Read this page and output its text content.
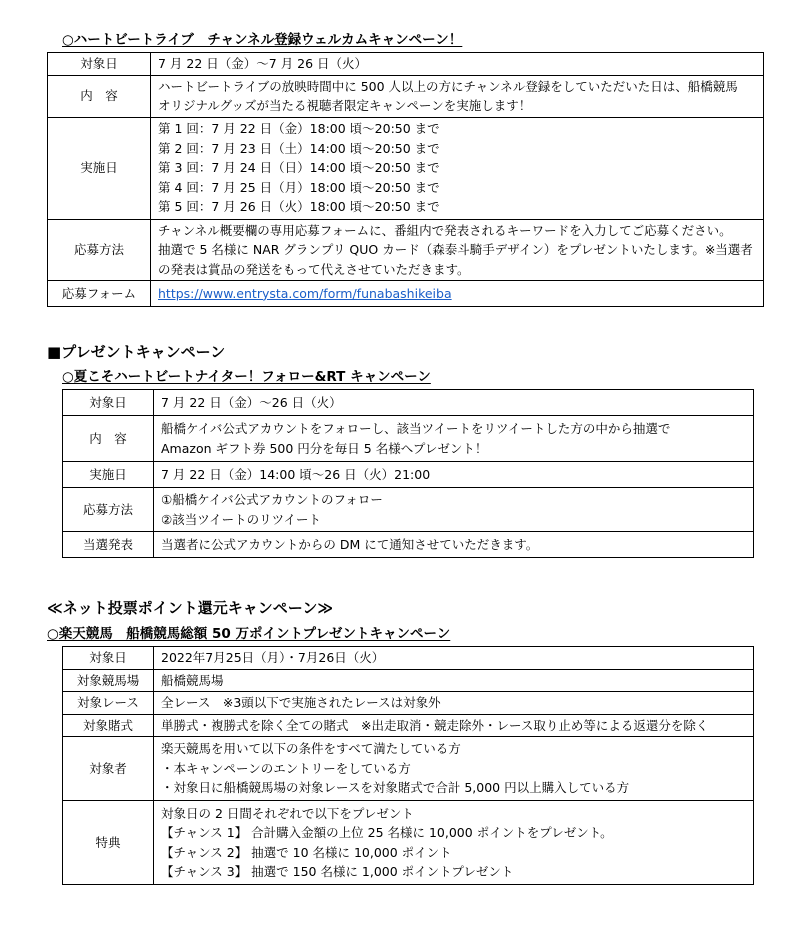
○ハートビートライブ　チャンネル登録ウェルカムキャンペーン！
対象日	7 月 22 日（金）～7 月 26 日（火）

内　容	ハートビートライブの放映時間中に 500 人以上の方にチャンネル登録をしていただいた日は、船橋競馬
オリジナルグッズが当たる視聴者限定キャンペーンを実施します！

実施日	第 1 回：7 月 22 日（金）18:00 頃～20:50 まで
第 2 回：7 月 23 日（土）14:00 頃～20:50 まで
第 3 回：7 月 24 日（日）14:00 頃～20:50 まで
第 4 回：7 月 25 日（月）18:00 頃～20:50 まで
第 5 回：7 月 26 日（火）18:00 頃～20:50 まで

応募方法	チャンネル概要欄の専用応募フォームに、番組内で発表されるキーワードを入力してご応募ください。
抽選で 5 名様に NAR グランプリ QUO カード（森泰斗騎手デザイン）をプレゼントいたします。※当選者
の発表は賞品の発送をもって代えさせていただきます。

応募フォーム	https://www.entrysta.com/form/funabashikeiba
■プレゼントキャンペーン
○夏こそハートビートナイター！フォロー&RT キャンペーン
対象日	7 月 22 日（金）～26 日（火）

内　容	船橋ケイバ公式アカウントをフォローし、該当ツイートをリツイートした方の中から抽選で
Amazon ギフト券 500 円分を毎日 5 名様へプレゼント！

実施日	7 月 22 日（金）14:00 頃～26 日（火）21:00

応募方法	①船橋ケイバ公式アカウントのフォロー
②該当ツイートのリツイート

当選発表	当選者に公式アカウントからの DM にて通知させていただきます。
≪ネット投票ポイント還元キャンペーン≫
○楽天競馬　船橋競馬総額 50 万ポイントプレゼントキャンペーン
対象日	2022年7月25日（月）・7月26日（火）

対象競馬場	船橋競馬場

対象レース	全レース　※3頭以下で実施されたレースは対象外

対象賭式	単勝式・複勝式を除く全ての賭式　※出走取消・競走除外・レース取り止め等による返還分を除く

対象者	楽天競馬を用いて以下の条件をすべて満たしている方
・本キャンペーンのエントリーをしている方
・対象日に船橋競馬場の対象レースを対象賭式で合計 5,000 円以上購入している方

特典	対象日の 2 日間それぞれで以下をプレゼント
【チャンス 1】 合計購入金額の上位 25 名様に 10,000 ポイントをプレゼント。
【チャンス 2】 抽選で 10 名様に 10,000 ポイント
【チャンス 3】 抽選で 150 名様に 1,000 ポイントプレゼント
